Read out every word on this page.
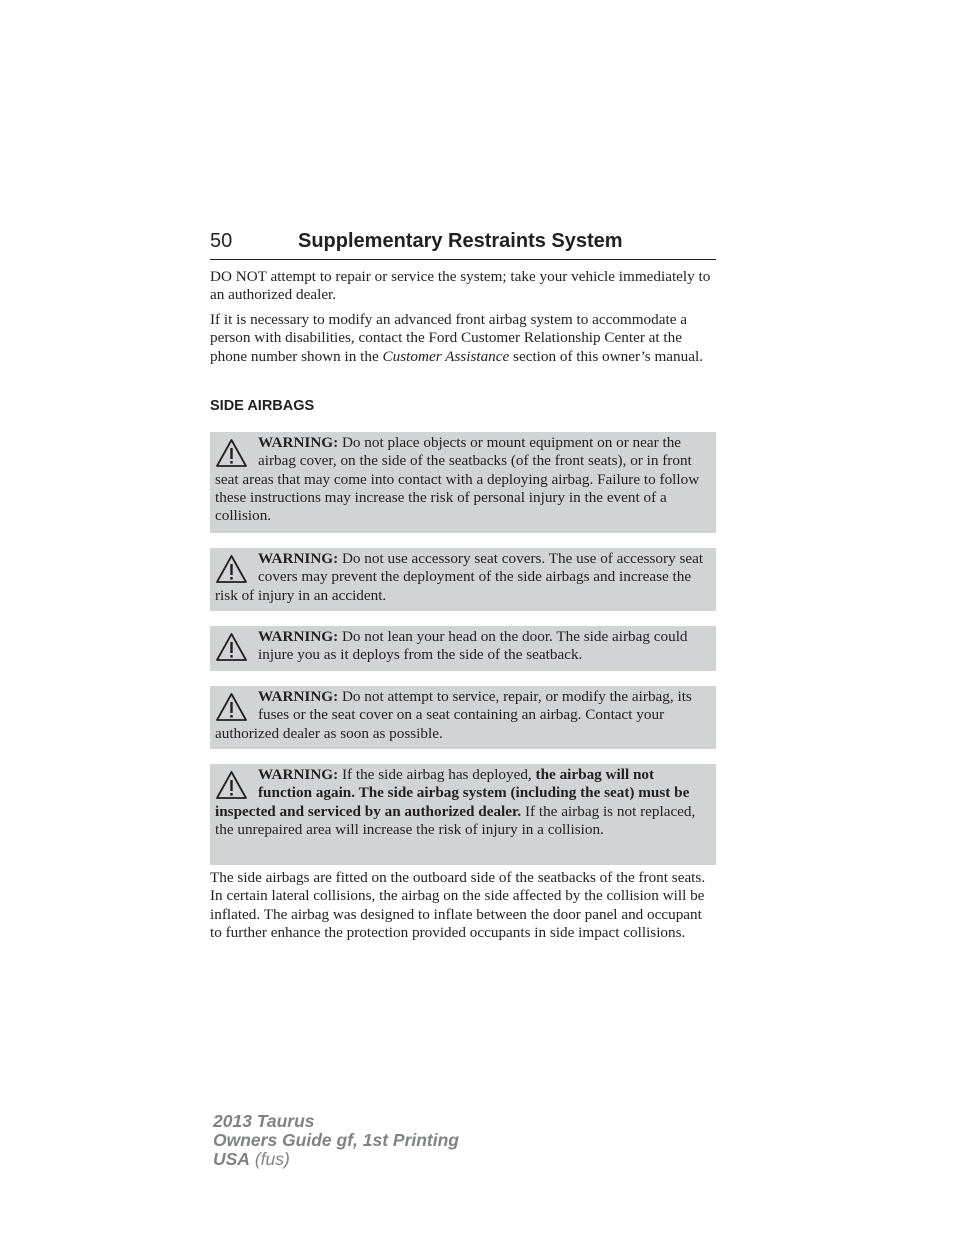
50	Supplementary Restraints System

DO NOT attempt to repair or service the system; take your vehicle immediately to an authorized dealer.

If it is necessary to modify an advanced front airbag system to accommodate a person with disabilities, contact the Ford Customer Relationship Center at the phone number shown in the Customer Assistance section of this owner’s manual.

SIDE AIRBAGS

WARNING: Do not place objects or mount equipment on or near the airbag cover, on the side of the seatbacks (of the front seats), or in front seat areas that may come into contact with a deploying airbag. Failure to follow these instructions may increase the risk of personal injury in the event of a collision.

WARNING: Do not use accessory seat covers. The use of accessory seat covers may prevent the deployment of the side airbags and increase the risk of injury in an accident.

WARNING: Do not lean your head on the door. The side airbag could injure you as it deploys from the side of the seatback.

WARNING: Do not attempt to service, repair, or modify the airbag, its fuses or the seat cover on a seat containing an airbag. Contact your authorized dealer as soon as possible.

WARNING: If the side airbag has deployed, the airbag will not function again. The side airbag system (including the seat) must be inspected and serviced by an authorized dealer. If the airbag is not replaced, the unrepaired area will increase the risk of injury in a collision.

The side airbags are fitted on the outboard side of the seatbacks of the front seats. In certain lateral collisions, the airbag on the side affected by the collision will be inflated. The airbag was designed to inflate between the door panel and occupant to further enhance the protection provided occupants in side impact collisions.

2013 Taurus
Owners Guide gf, 1st Printing
USA (fus)
